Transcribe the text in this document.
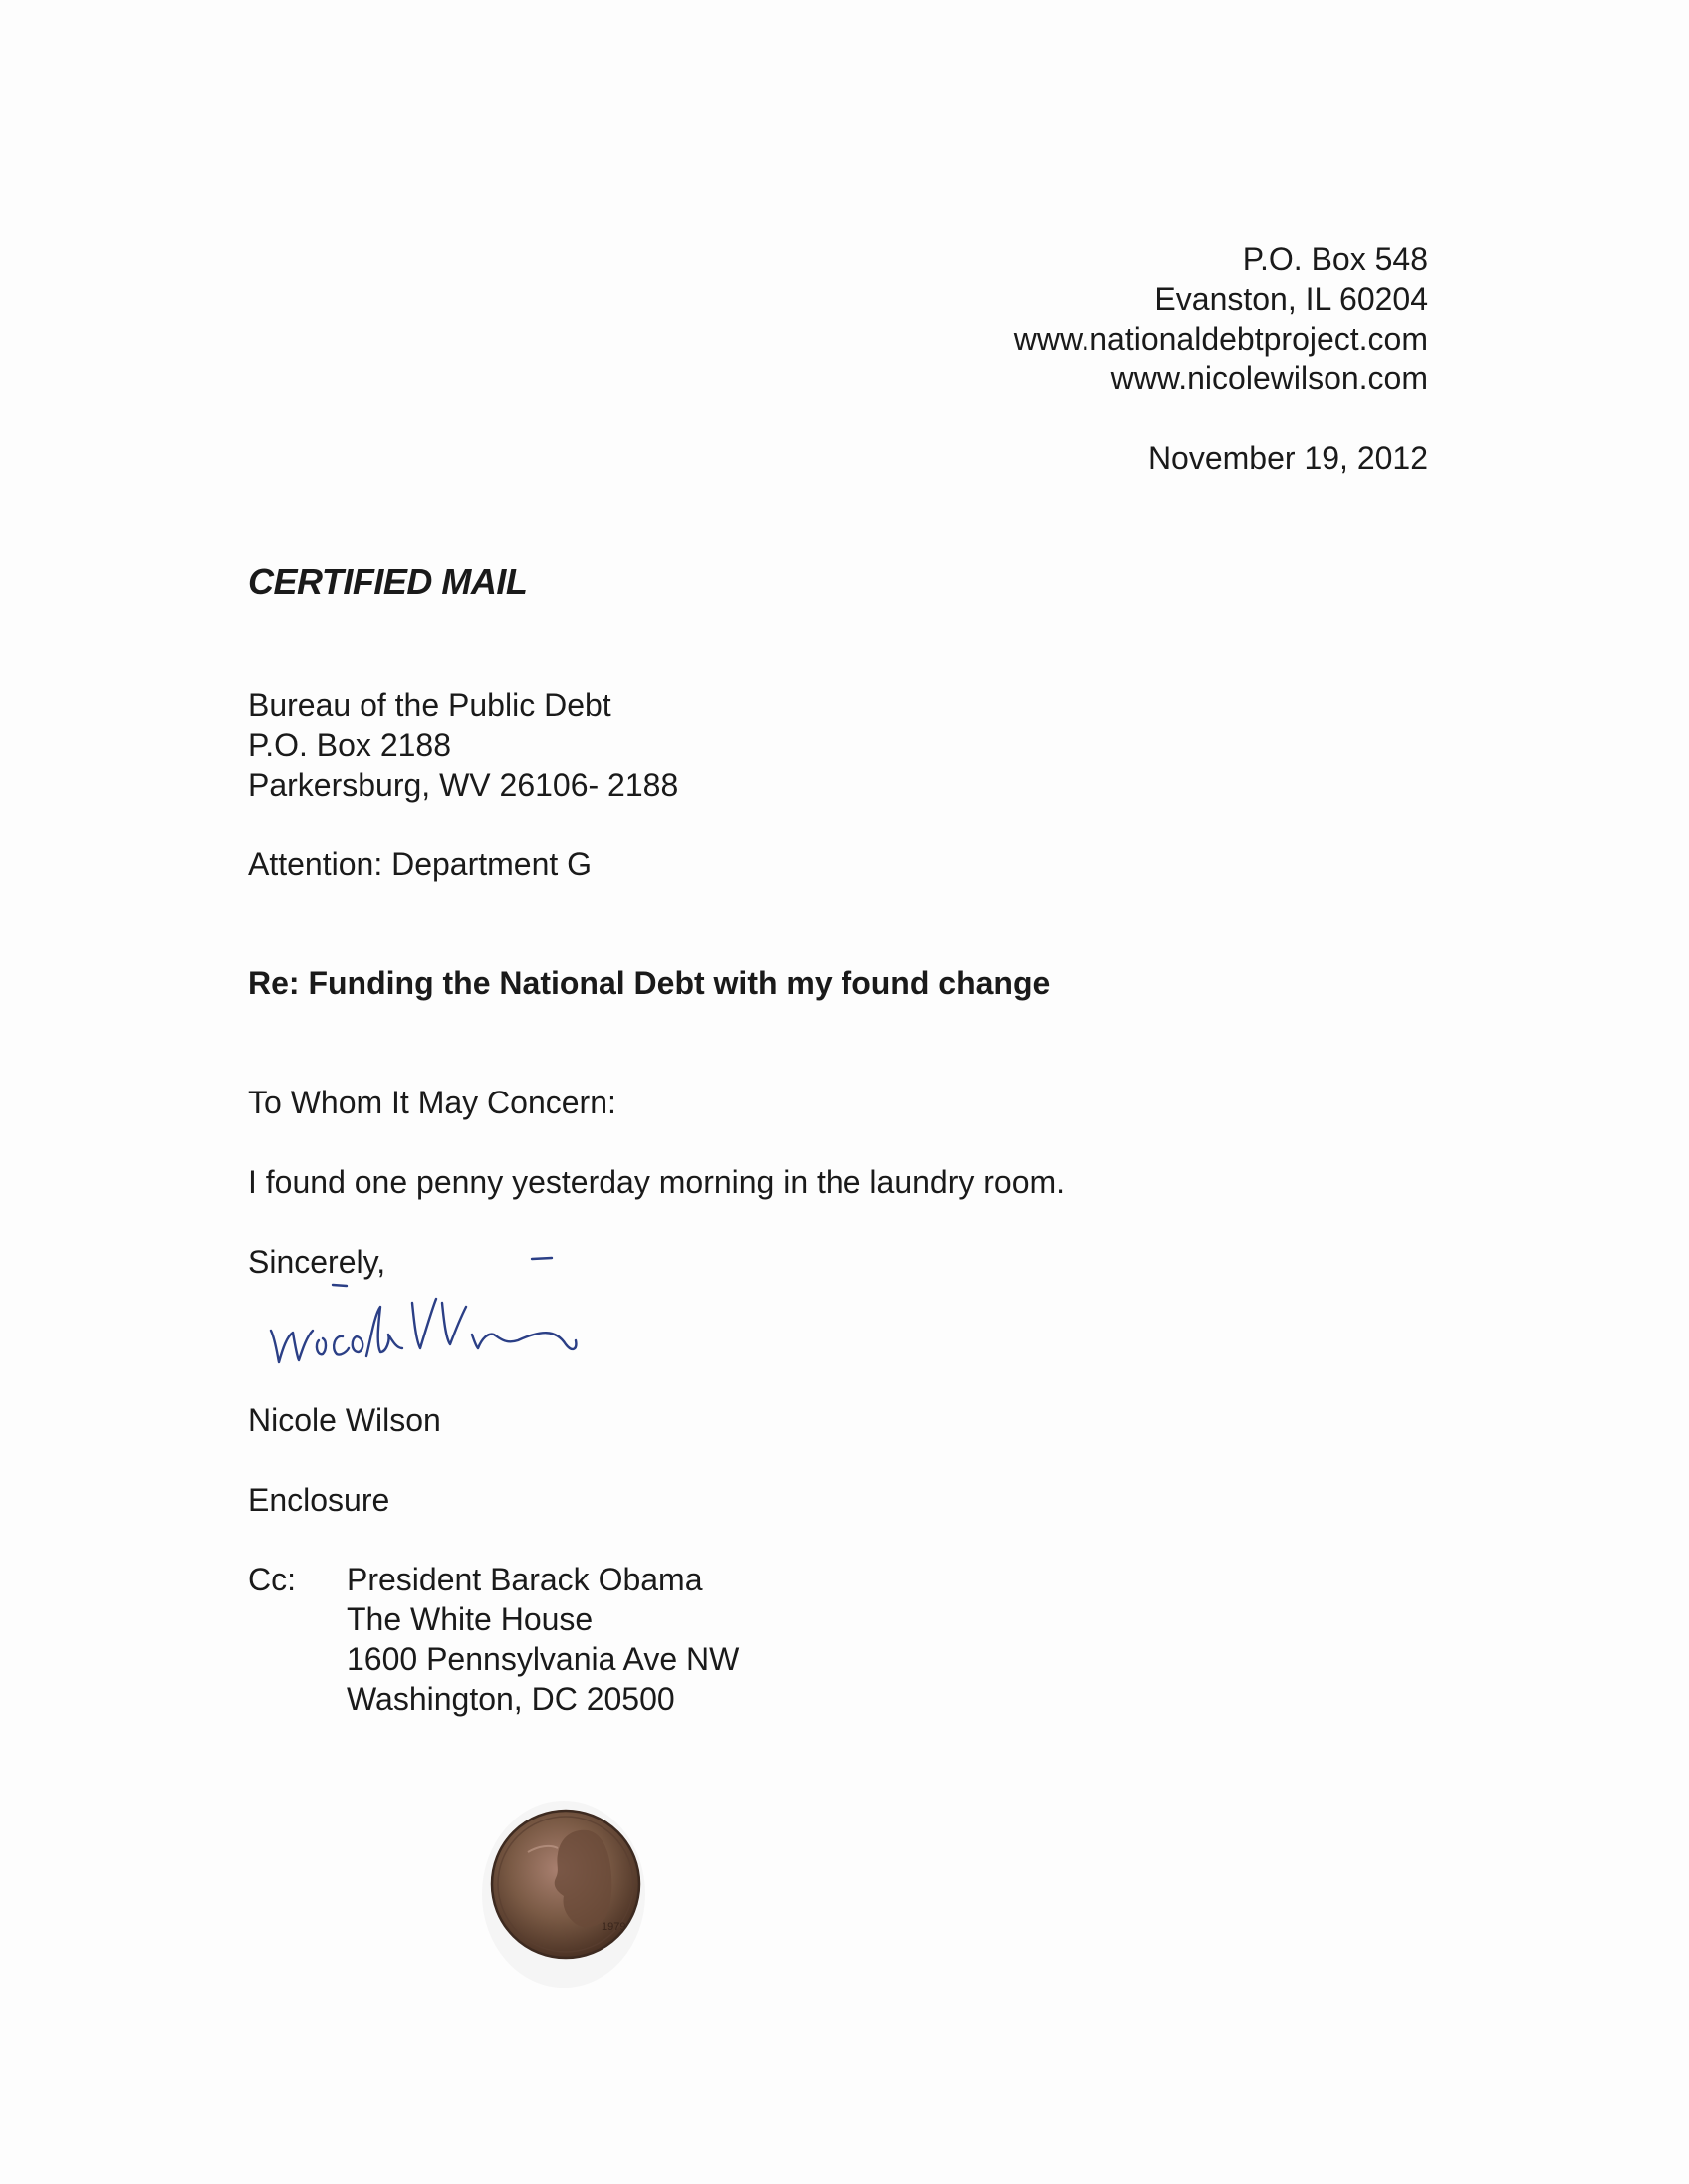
P.O. Box 548
Evanston, IL 60204
www.nationaldebtproject.com
www.nicolewilson.com
November 19, 2012
CERTIFIED MAIL
Bureau of the Public Debt
P.O. Box 2188
Parkersburg, WV 26106- 2188
Attention: Department G
Re: Funding the National Debt with my found change
To Whom It May Concern:
I found one penny yesterday morning in the laundry room.
Sincerely,
Nicole Wilson
Enclosure
Cc: President Barack Obama
The White House
1600 Pennsylvania Ave NW
Washington, DC 20500
1979
